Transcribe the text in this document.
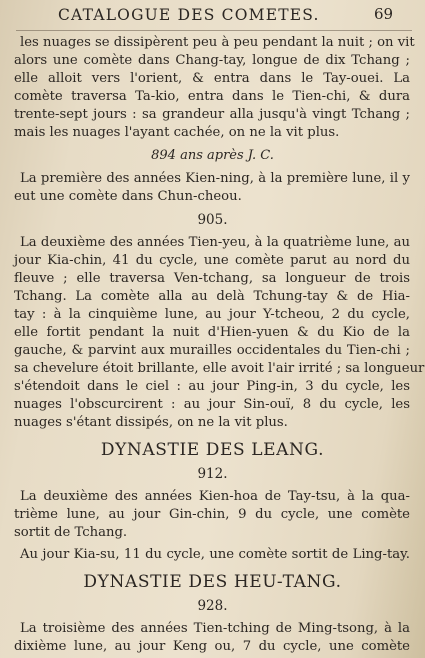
CATALOGUE DES COMETES.	69
les nuages se dissipèrent peu à peu pendant la nuit ; on vit
alors une comète dans Chang-tay, longue de dix Tchang ;
elle alloit vers l'orient, & entra dans le Tay-ouei. La
comète traversa Ta-kio, entra dans le Tien-chi, & dura
trente-sept jours : sa grandeur alla jusqu'à vingt Tchang ;
mais les nuages l'ayant cachée, on ne la vit plus.
894 ans après J. C.
La première des années Kien-ning, à la première lune, il y
eut une comète dans Chun-cheou.
905.
La deuxième des années Tien-yeu, à la quatrième lune, au
jour Kia-chin, 41 du cycle, une comète parut au nord du
fleuve ; elle traversa Ven-tchang, sa longueur de trois
Tchang. La comète alla au delà Tchung-tay & de Hia-
tay : à la cinquième lune, au jour Y-tcheou, 2 du cycle,
elle fortit pendant la nuit d'Hien-yuen & du Kio de la
gauche, & parvint aux murailles occidentales du Tien-chi ;
sa chevelure étoit brillante, elle avoit l'air irrité ; sa longueur
s'étendoit dans le ciel : au jour Ping-in, 3 du cycle, les
nuages l'obscurcirent : au jour Sin-ouï, 8 du cycle, les
nuages s'étant dissipés, on ne la vit plus.
DYNASTIE DES LEANG.
912.
La deuxième des années Kien-hoa de Tay-tsu, à la qua-
trième lune, au jour Gin-chin, 9 du cycle, une comète
sortit de Tchang.
Au jour Kia-su, 11 du cycle, une comète sortit de Ling-tay.
DYNASTIE DES HEU-TANG.
928.
La troisième des années Tien-tching de Ming-tsong, à la
dixième lune, au jour Keng ou, 7 du cycle, une comète
